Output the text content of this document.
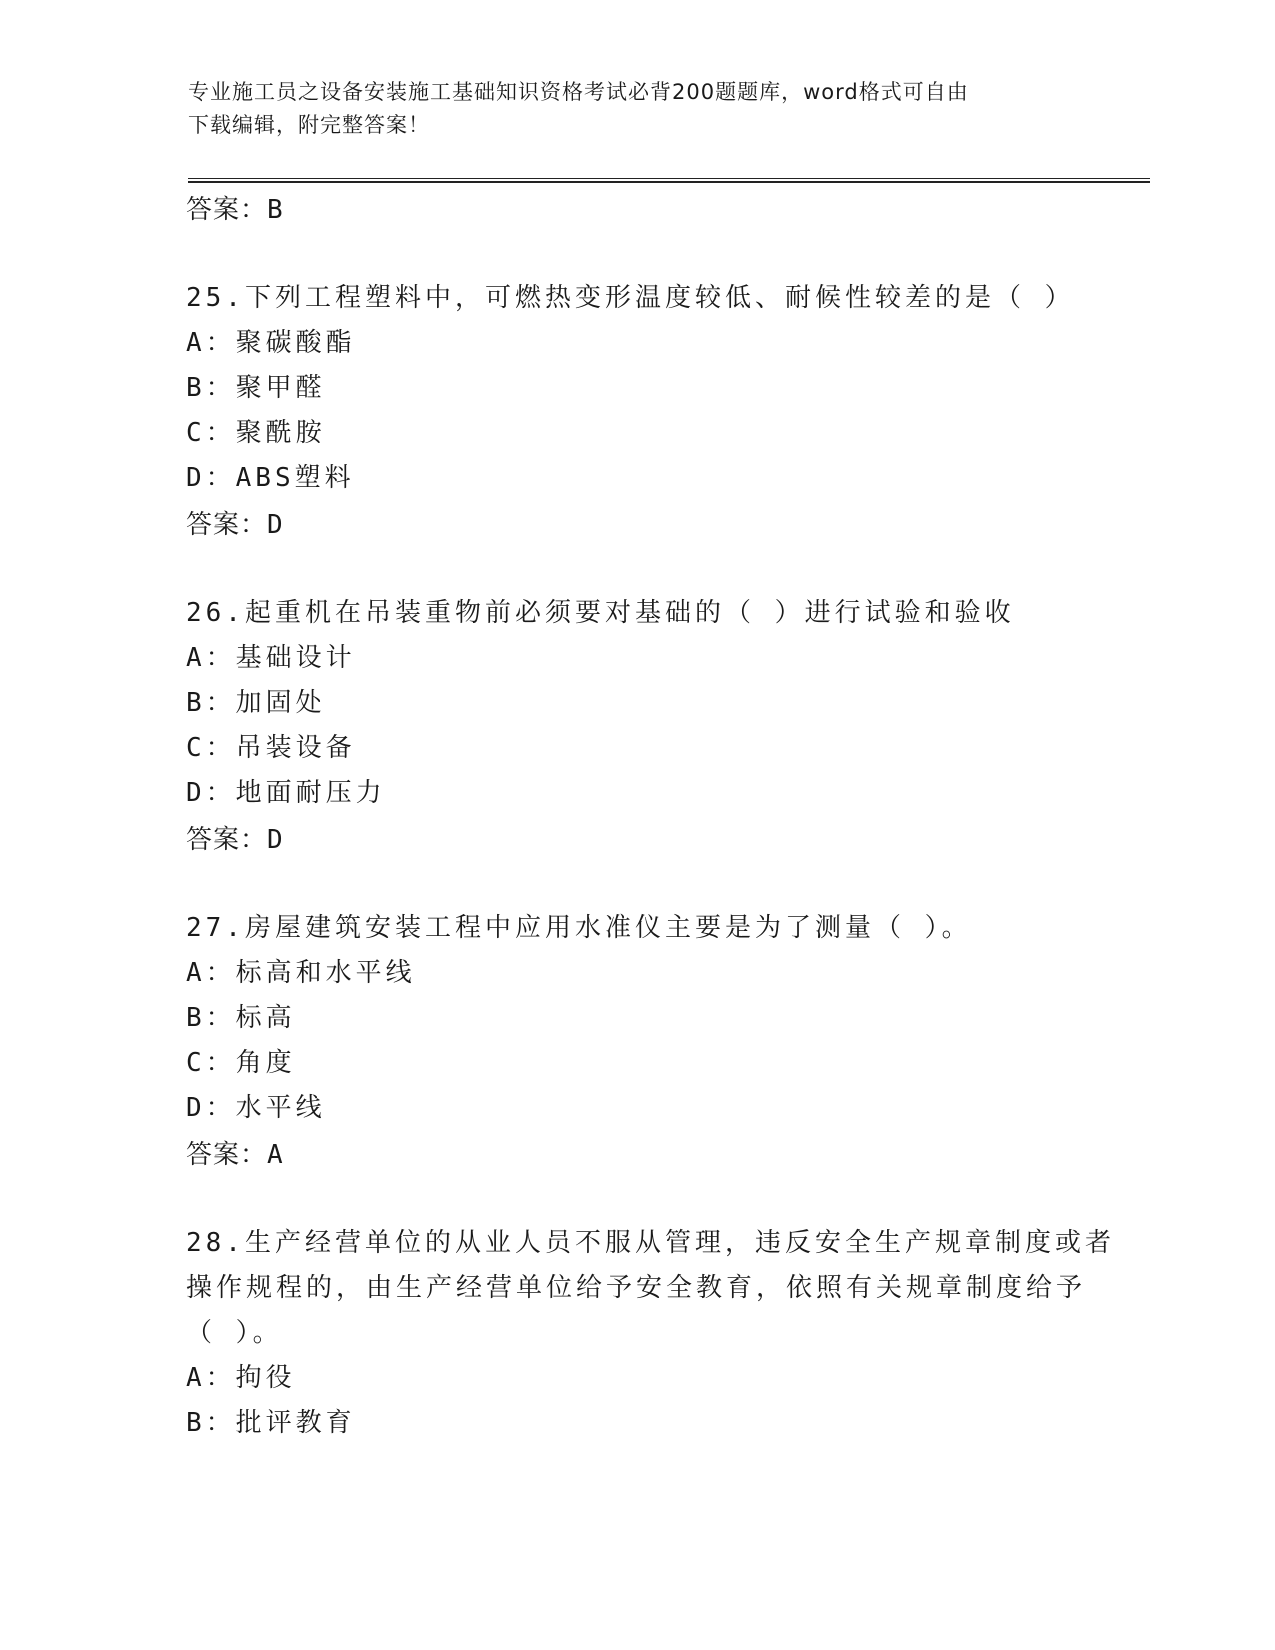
专业施工员之设备安装施工基础知识资格考试必背200题题库，word格式可自由
下载编辑，附完整答案！
答案：B
25.下列工程塑料中，可燃热变形温度较低、耐候性较差的是（ ）
A：聚碳酸酯
B：聚甲醛
C：聚酰胺
D：ABS塑料
答案：D
26.起重机在吊装重物前必须要对基础的（ ）进行试验和验收
A：基础设计
B：加固处
C：吊装设备
D：地面耐压力
答案：D
27.房屋建筑安装工程中应用水准仪主要是为了测量（ ）。
A：标高和水平线
B：标高
C：角度
D：水平线
答案：A
28.生产经营单位的从业人员不服从管理，违反安全生产规章制度或者
操作规程的，由生产经营单位给予安全教育，依照有关规章制度给予
（ ）。
A：拘役
B：批评教育
